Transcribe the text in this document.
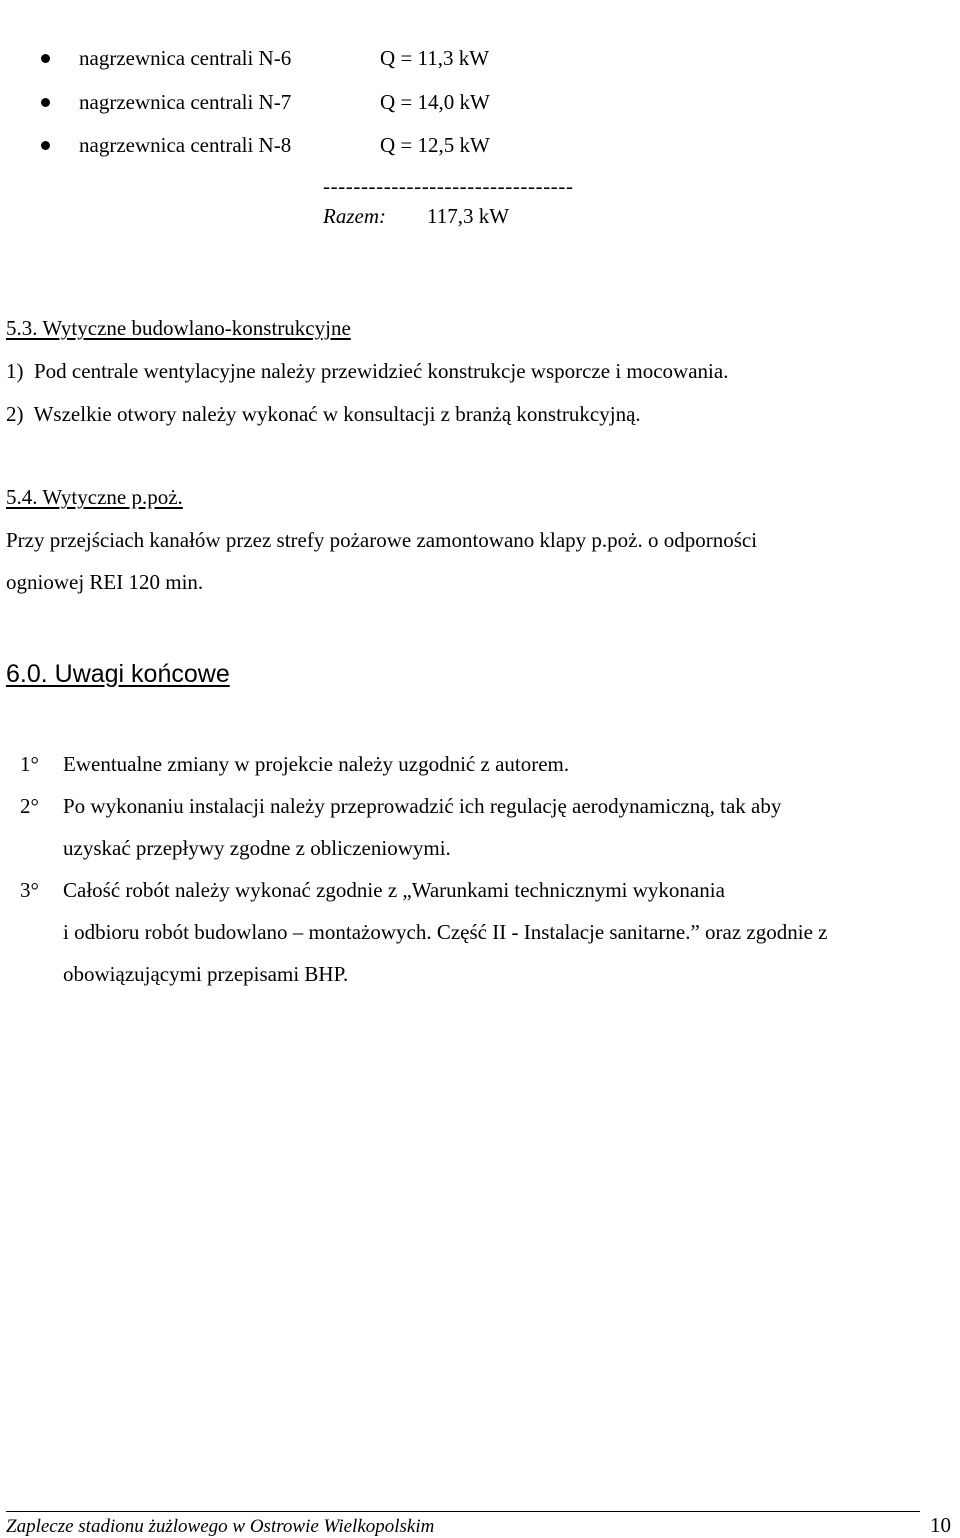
nagrzewnica centrali N-6	Q = 11,3 kW
nagrzewnica centrali N-7	Q = 14,0 kW
nagrzewnica centrali N-8	Q = 12,5 kW
---------------------------------
Razem: 117,3 kW
5.3. Wytyczne budowlano-konstrukcyjne
1)  Pod centrale wentylacyjne należy przewidzieć konstrukcje wsporcze i mocowania.
2)  Wszelkie otwory należy wykonać w konsultacji z branżą konstrukcyjną.
5.4. Wytyczne p.poż.
Przy przejściach kanałów przez strefy pożarowe zamontowano klapy p.poż. o odporności
ogniowej REI 120 min.
6.0. Uwagi końcowe
1° Ewentualne zmiany w projekcie należy uzgodnić z autorem.
2° Po wykonaniu instalacji należy przeprowadzić ich regulację aerodynamiczną, tak aby
uzyskać przepływy zgodne z obliczeniowymi.
3° Całość robót należy wykonać zgodnie z „Warunkami technicznymi wykonania
i odbioru robót budowlano – montażowych. Część II - Instalacje sanitarne.” oraz zgodnie z
obowiązującymi przepisami BHP.
Zaplecze stadionu żużlowego w Ostrowie Wielkopolskim	10
